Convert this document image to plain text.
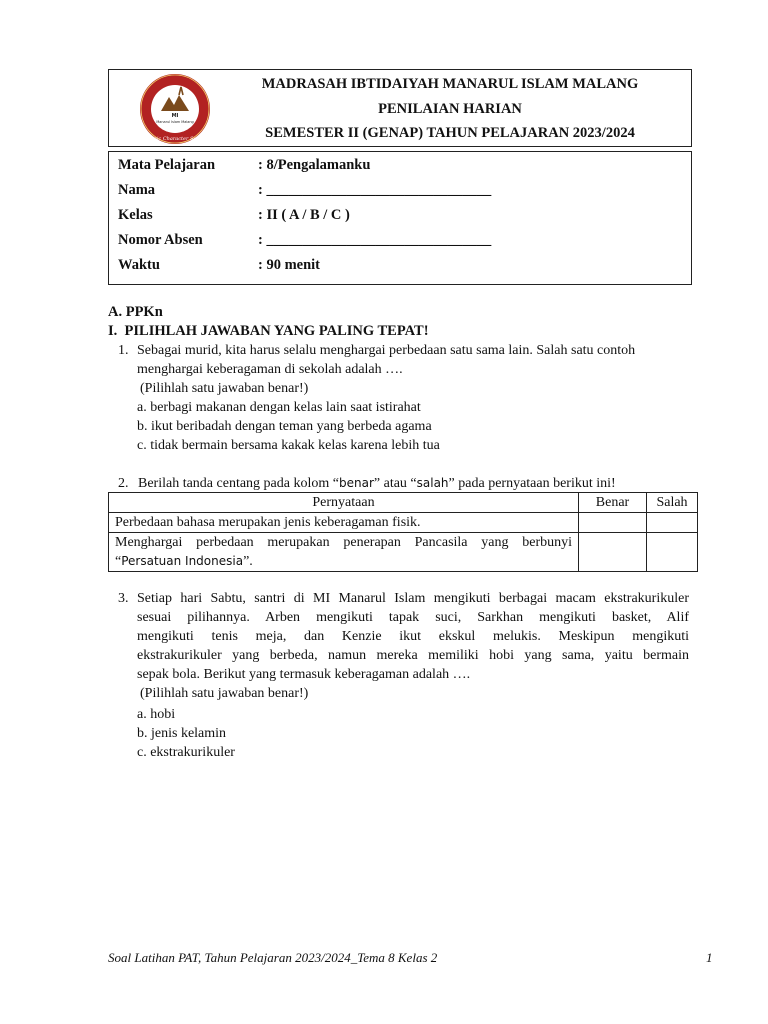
MI
Manarul Islam Malang
Islamic Character School
MADRASAH IBTIDAIYAH MANARUL ISLAM MALANG
PENILAIAN HARIAN
SEMESTER II (GENAP) TAHUN PELAJARAN 2023/2024
Mata Pelajaran	: 8/Pengalamanku
Nama	: _______________________________
Kelas	: II ( A / B / C )
Nomor Absen	: _______________________________
Waktu	: 90 menit
A. PPKn
I.  PILIHLAH JAWABAN YANG PALING TEPAT!
1. Sebagai murid, kita harus selalu menghargai perbedaan satu sama lain. Salah satu contoh
menghargai keberagaman di sekolah adalah ….
(Pilihlah satu jawaban benar!)
a. berbagi makanan dengan kelas lain saat istirahat
b. ikut beribadah dengan teman yang berbeda agama
c. tidak bermain bersama kakak kelas karena lebih tua
2. Berilah tanda centang pada kolom “benar” atau “salah” pada pernyataan berikut ini!
Pernyataan	Benar	Salah
Perbedaan bahasa merupakan jenis keberagaman fisik.		

Menghargai perbedaan merupakan penerapan Pancasila yang berbunyi
“Persatuan Indonesia”.		

3. Setiap hari Sabtu, santri di MI Manarul Islam mengikuti berbagai macam ekstrakurikuler
sesuai pilihannya. Arben mengikuti tapak suci, Sarkhan mengikuti basket, Alif
mengikuti tenis meja, dan Kenzie ikut ekskul melukis. Meskipun mengikuti
ekstrakurikuler yang berbeda, namun mereka memiliki hobi yang sama, yaitu bermain
sepak bola. Berikut yang termasuk keberagaman adalah ….
(Pilihlah satu jawaban benar!)
a. hobi
b. jenis kelamin
c. ekstrakurikuler
Soal Latihan PAT, Tahun Pelajaran 2023/2024_Tema 8 Kelas 2	1
